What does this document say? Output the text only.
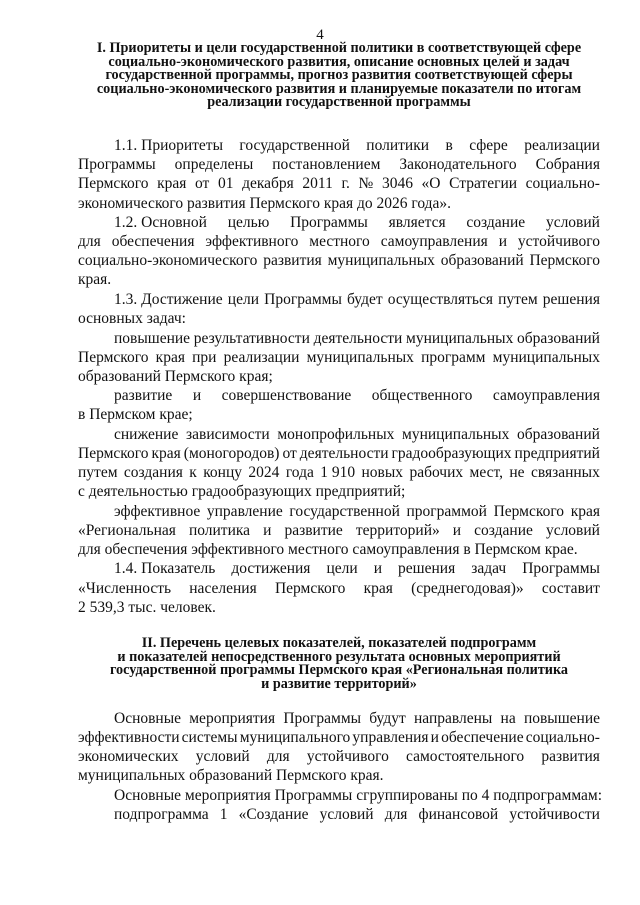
4
I. Приоритеты и цели государственной политики в соответствующей сфере
социально-экономического развития, описание основных целей и задач
государственной программы, прогноз развития соответствующей сферы
социально-экономического развития и планируемые показатели по итогам
реализации государственной программы
1.1. Приоритеты государственной политики в сфере реализации
Программы определены постановлением Законодательного Собрания
Пермского края от 01 декабря 2011 г. № 3046 «О Стратегии социально-
экономического развития Пермского края до 2026 года».
1.2. Основной целью Программы является создание условий
для обеспечения эффективного местного самоуправления и устойчивого
социально-экономического развития муниципальных образований Пермского
края.
1.3. Достижение цели Программы будет осуществляться путем решения
основных задач:
повышение результативности деятельности муниципальных образований
Пермского края при реализации муниципальных программ муниципальных
образований Пермского края;
развитие и совершенствование общественного самоуправления
в Пермском крае;
снижение зависимости монопрофильных муниципальных образований
Пермского края (моногородов) от деятельности градообразующих предприятий
путем создания к концу 2024 года 1 910 новых рабочих мест, не связанных
с деятельностью градообразующих предприятий;
эффективное управление государственной программой Пермского края
«Региональная политика и развитие территорий» и создание условий
для обеспечения эффективного местного самоуправления в Пермском крае.
1.4. Показатель достижения цели и решения задач Программы
«Численность населения Пермского края (среднегодовая)» составит
2 539,3 тыс. человек.
II. Перечень целевых показателей, показателей подпрограмм
и показателей непосредственного результата основных мероприятий
государственной программы Пермского края «Региональная политика
и развитие территорий»
Основные мероприятия Программы будут направлены на повышение
эффективности системы муниципального управления и обеспечение социально-
экономических условий для устойчивого самостоятельного развития
муниципальных образований Пермского края.
Основные мероприятия Программы сгруппированы по 4 подпрограммам:
подпрограмма 1 «Создание условий для финансовой устойчивости
